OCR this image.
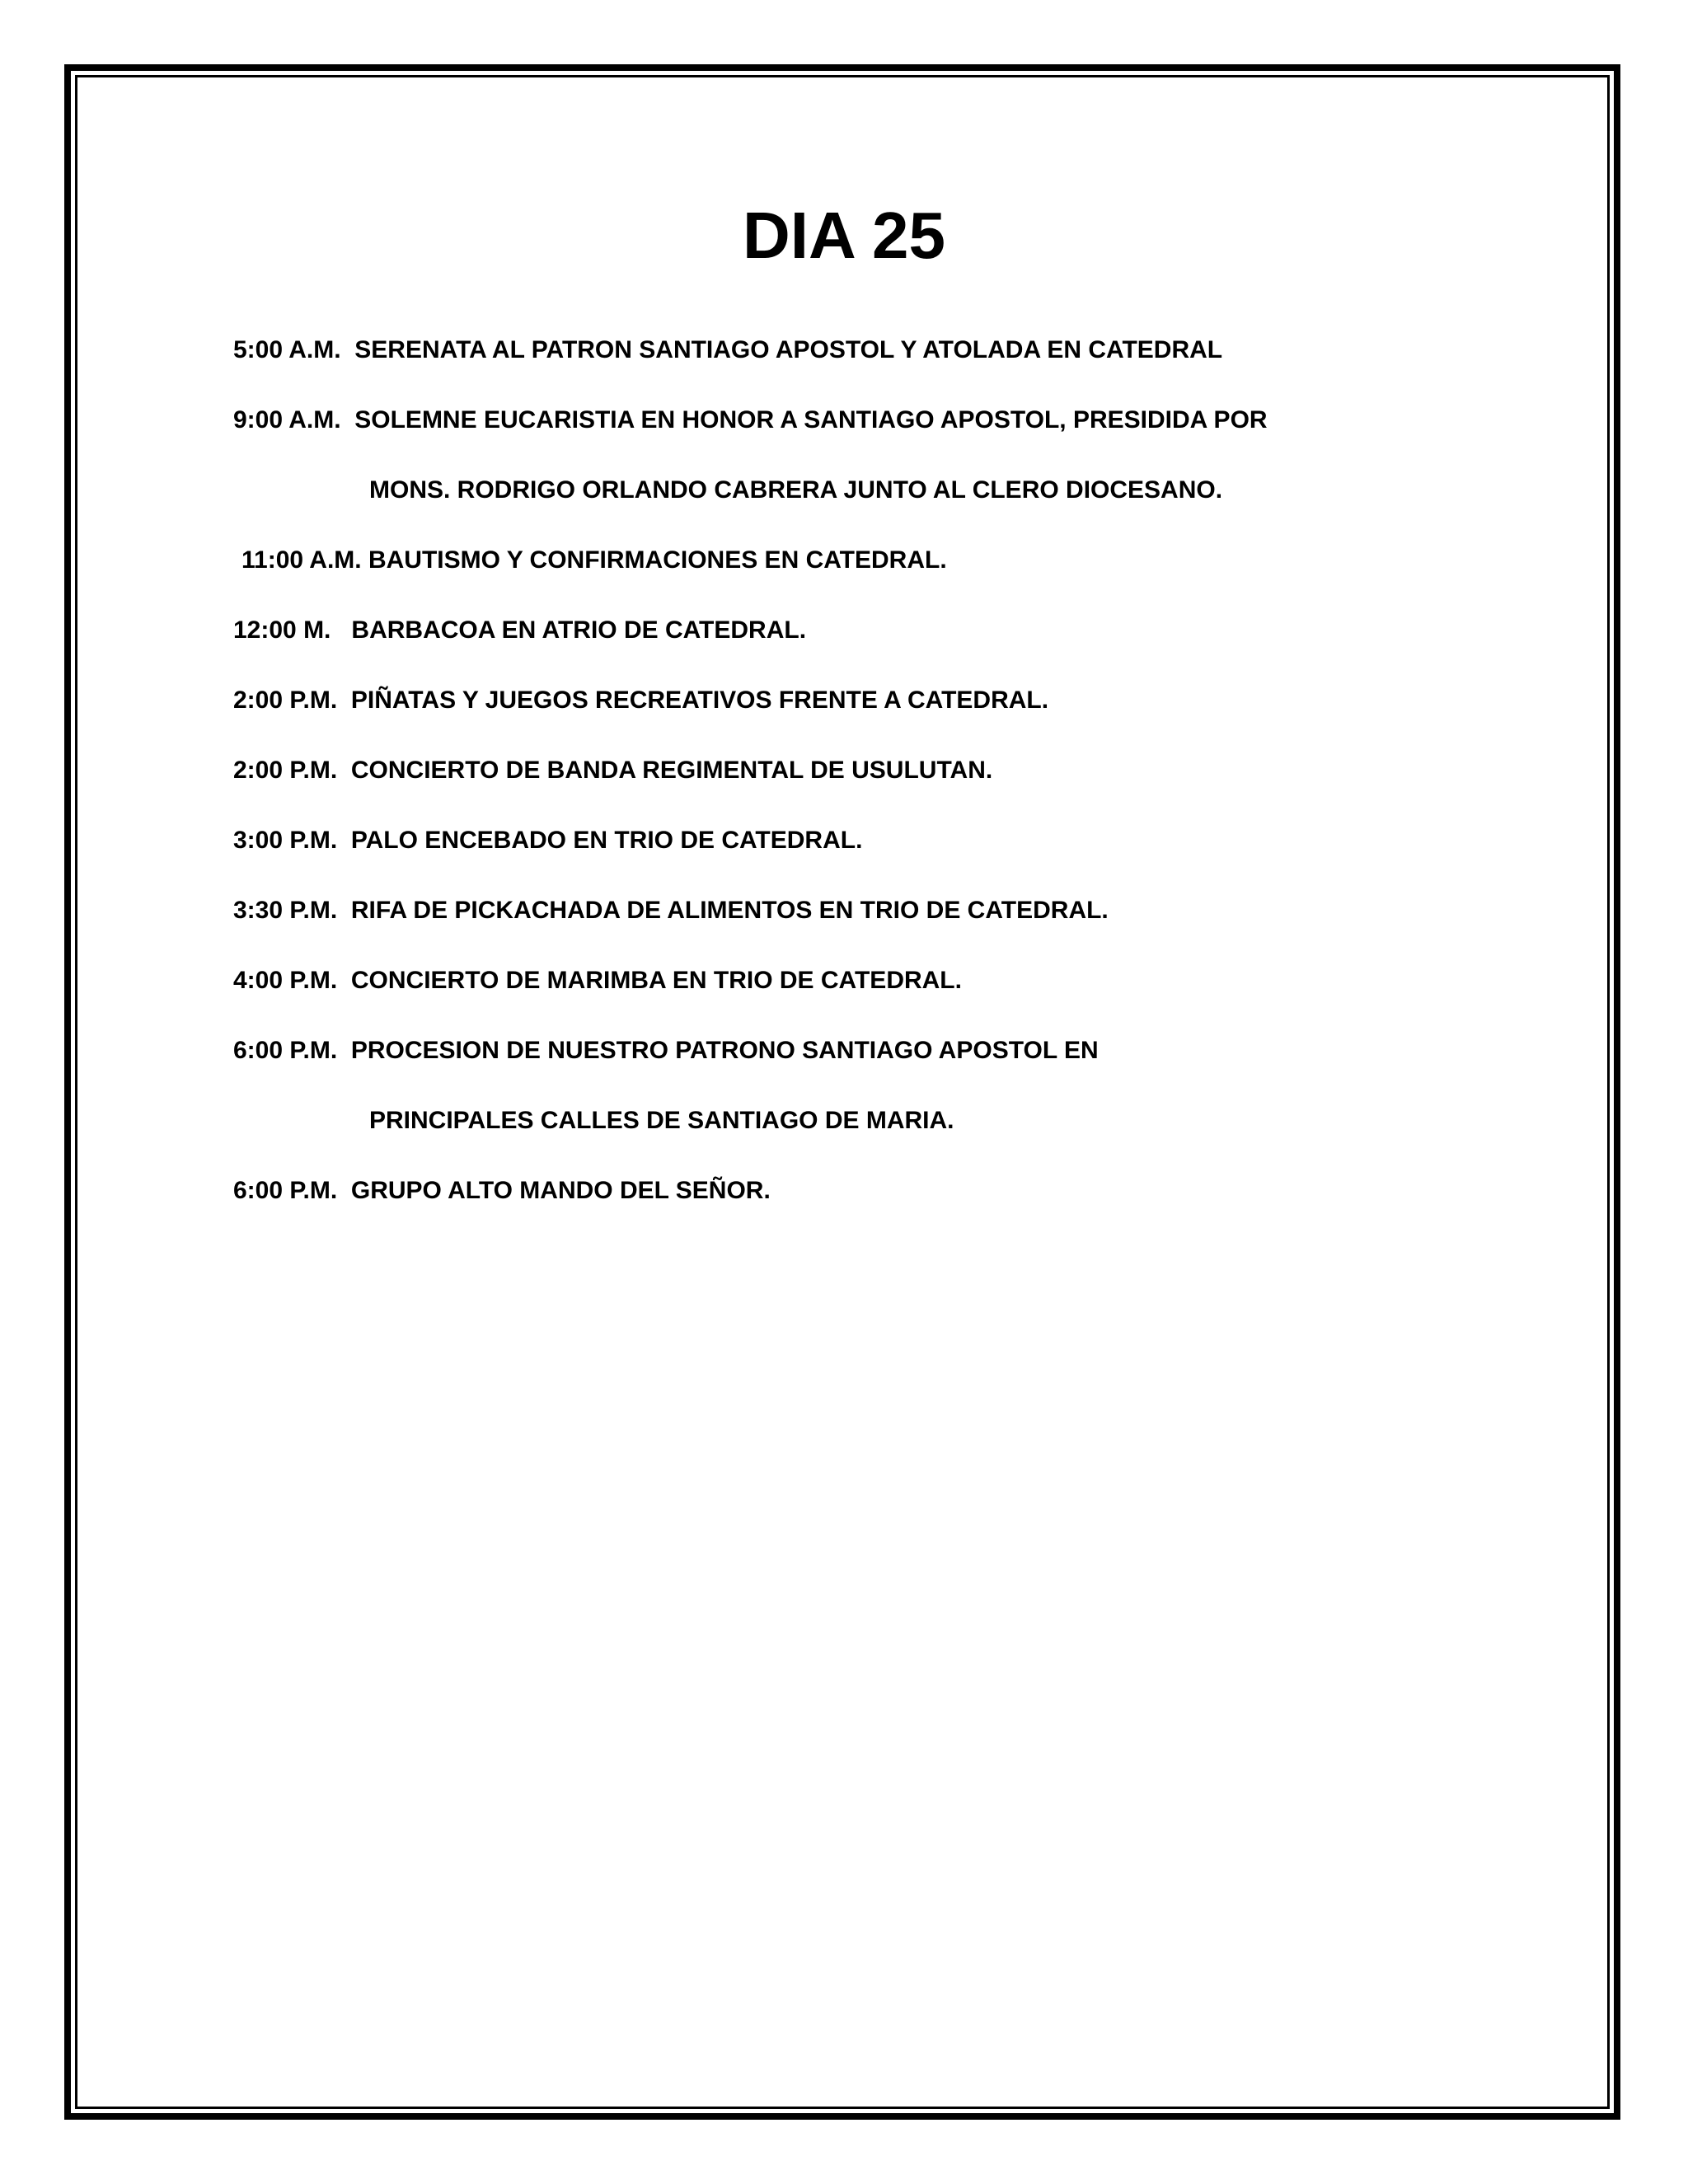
DIA 25
5:00 A.M. SERENATA AL PATRON SANTIAGO APOSTOL Y ATOLADA EN CATEDRAL
9:00 A.M. SOLEMNE EUCARISTIA EN HONOR A SANTIAGO APOSTOL, PRESIDIDA POR
MONS. RODRIGO ORLANDO CABRERA JUNTO AL CLERO DIOCESANO.
11:00 A.M. BAUTISMO Y CONFIRMACIONES EN CATEDRAL.
12:00 M. BARBACOA EN ATRIO DE CATEDRAL.
2:00 P.M. PIÑATAS Y JUEGOS RECREATIVOS FRENTE A CATEDRAL.
2:00 P.M. CONCIERTO DE BANDA REGIMENTAL DE USULUTAN.
3:00 P.M. PALO ENCEBADO EN TRIO DE CATEDRAL.
3:30 P.M. RIFA DE PICKACHADA DE ALIMENTOS EN TRIO DE CATEDRAL.
4:00 P.M. CONCIERTO DE MARIMBA EN TRIO DE CATEDRAL.
6:00 P.M. PROCESION DE NUESTRO PATRONO SANTIAGO APOSTOL EN
PRINCIPALES CALLES DE SANTIAGO DE MARIA.
6:00 P.M. GRUPO ALTO MANDO DEL SEÑOR.
